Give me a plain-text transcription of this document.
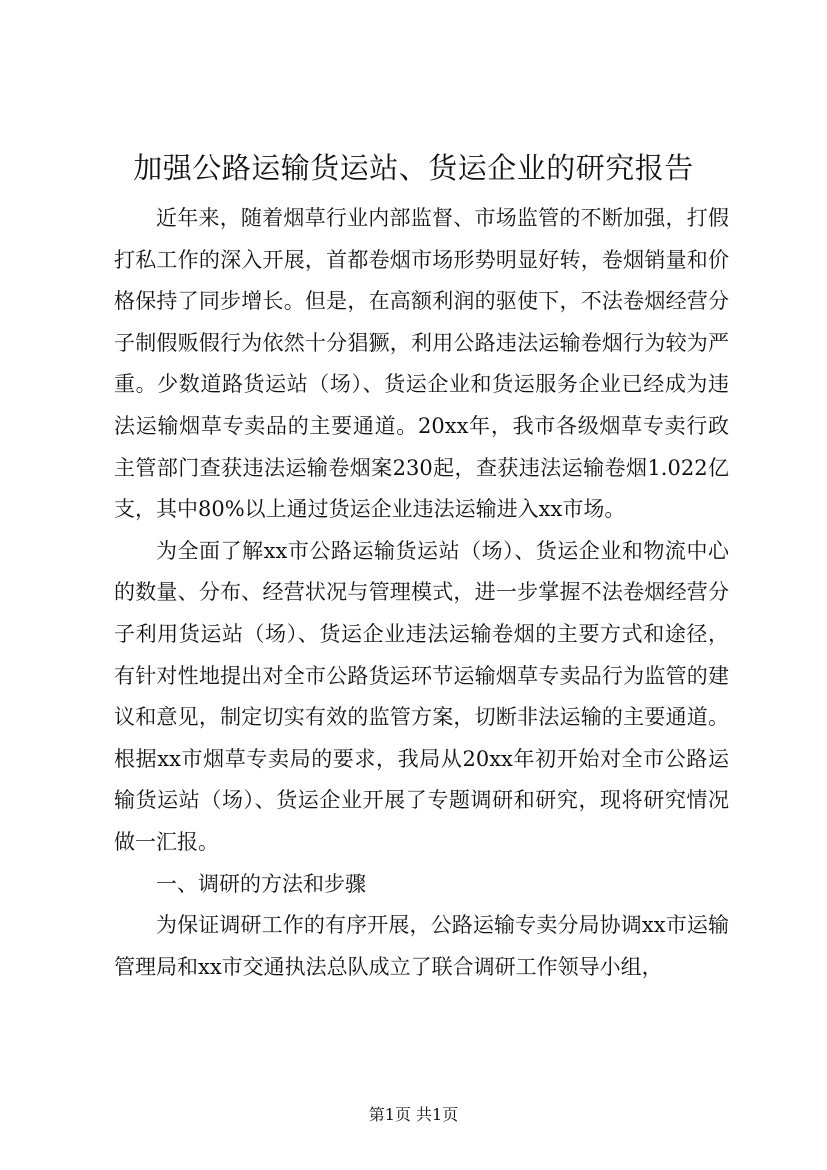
加强公路运输货运站、货运企业的研究报告

近年来，随着烟草行业内部监督、市场监管的不断加强，打假打私工作的深入开展，首都卷烟市场形势明显好转，卷烟销量和价格保持了同步增长。但是，在高额利润的驱使下，不法卷烟经营分子制假贩假行为依然十分猖獗，利用公路违法运输卷烟行为较为严重。少数道路货运站（场）、货运企业和货运服务企业已经成为违法运输烟草专卖品的主要通道。20xx年，我市各级烟草专卖行政主管部门查获违法运输卷烟案230起，查获违法运输卷烟1.022亿支，其中80%以上通过货运企业违法运输进入xx市场。

为全面了解xx市公路运输货运站（场）、货运企业和物流中心的数量、分布、经营状况与管理模式，进一步掌握不法卷烟经营分子利用货运站（场）、货运企业违法运输卷烟的主要方式和途径，有针对性地提出对全市公路货运环节运输烟草专卖品行为监管的建议和意见，制定切实有效的监管方案，切断非法运输的主要通道。根据xx市烟草专卖局的要求，我局从20xx年初开始对全市公路运输货运站（场）、货运企业开展了专题调研和研究，现将研究情况做一汇报。

一、调研的方法和步骤

为保证调研工作的有序开展，公路运输专卖分局协调xx市运输管理局和xx市交通执法总队成立了联合调研工作领导小组，

第1页 共1页
